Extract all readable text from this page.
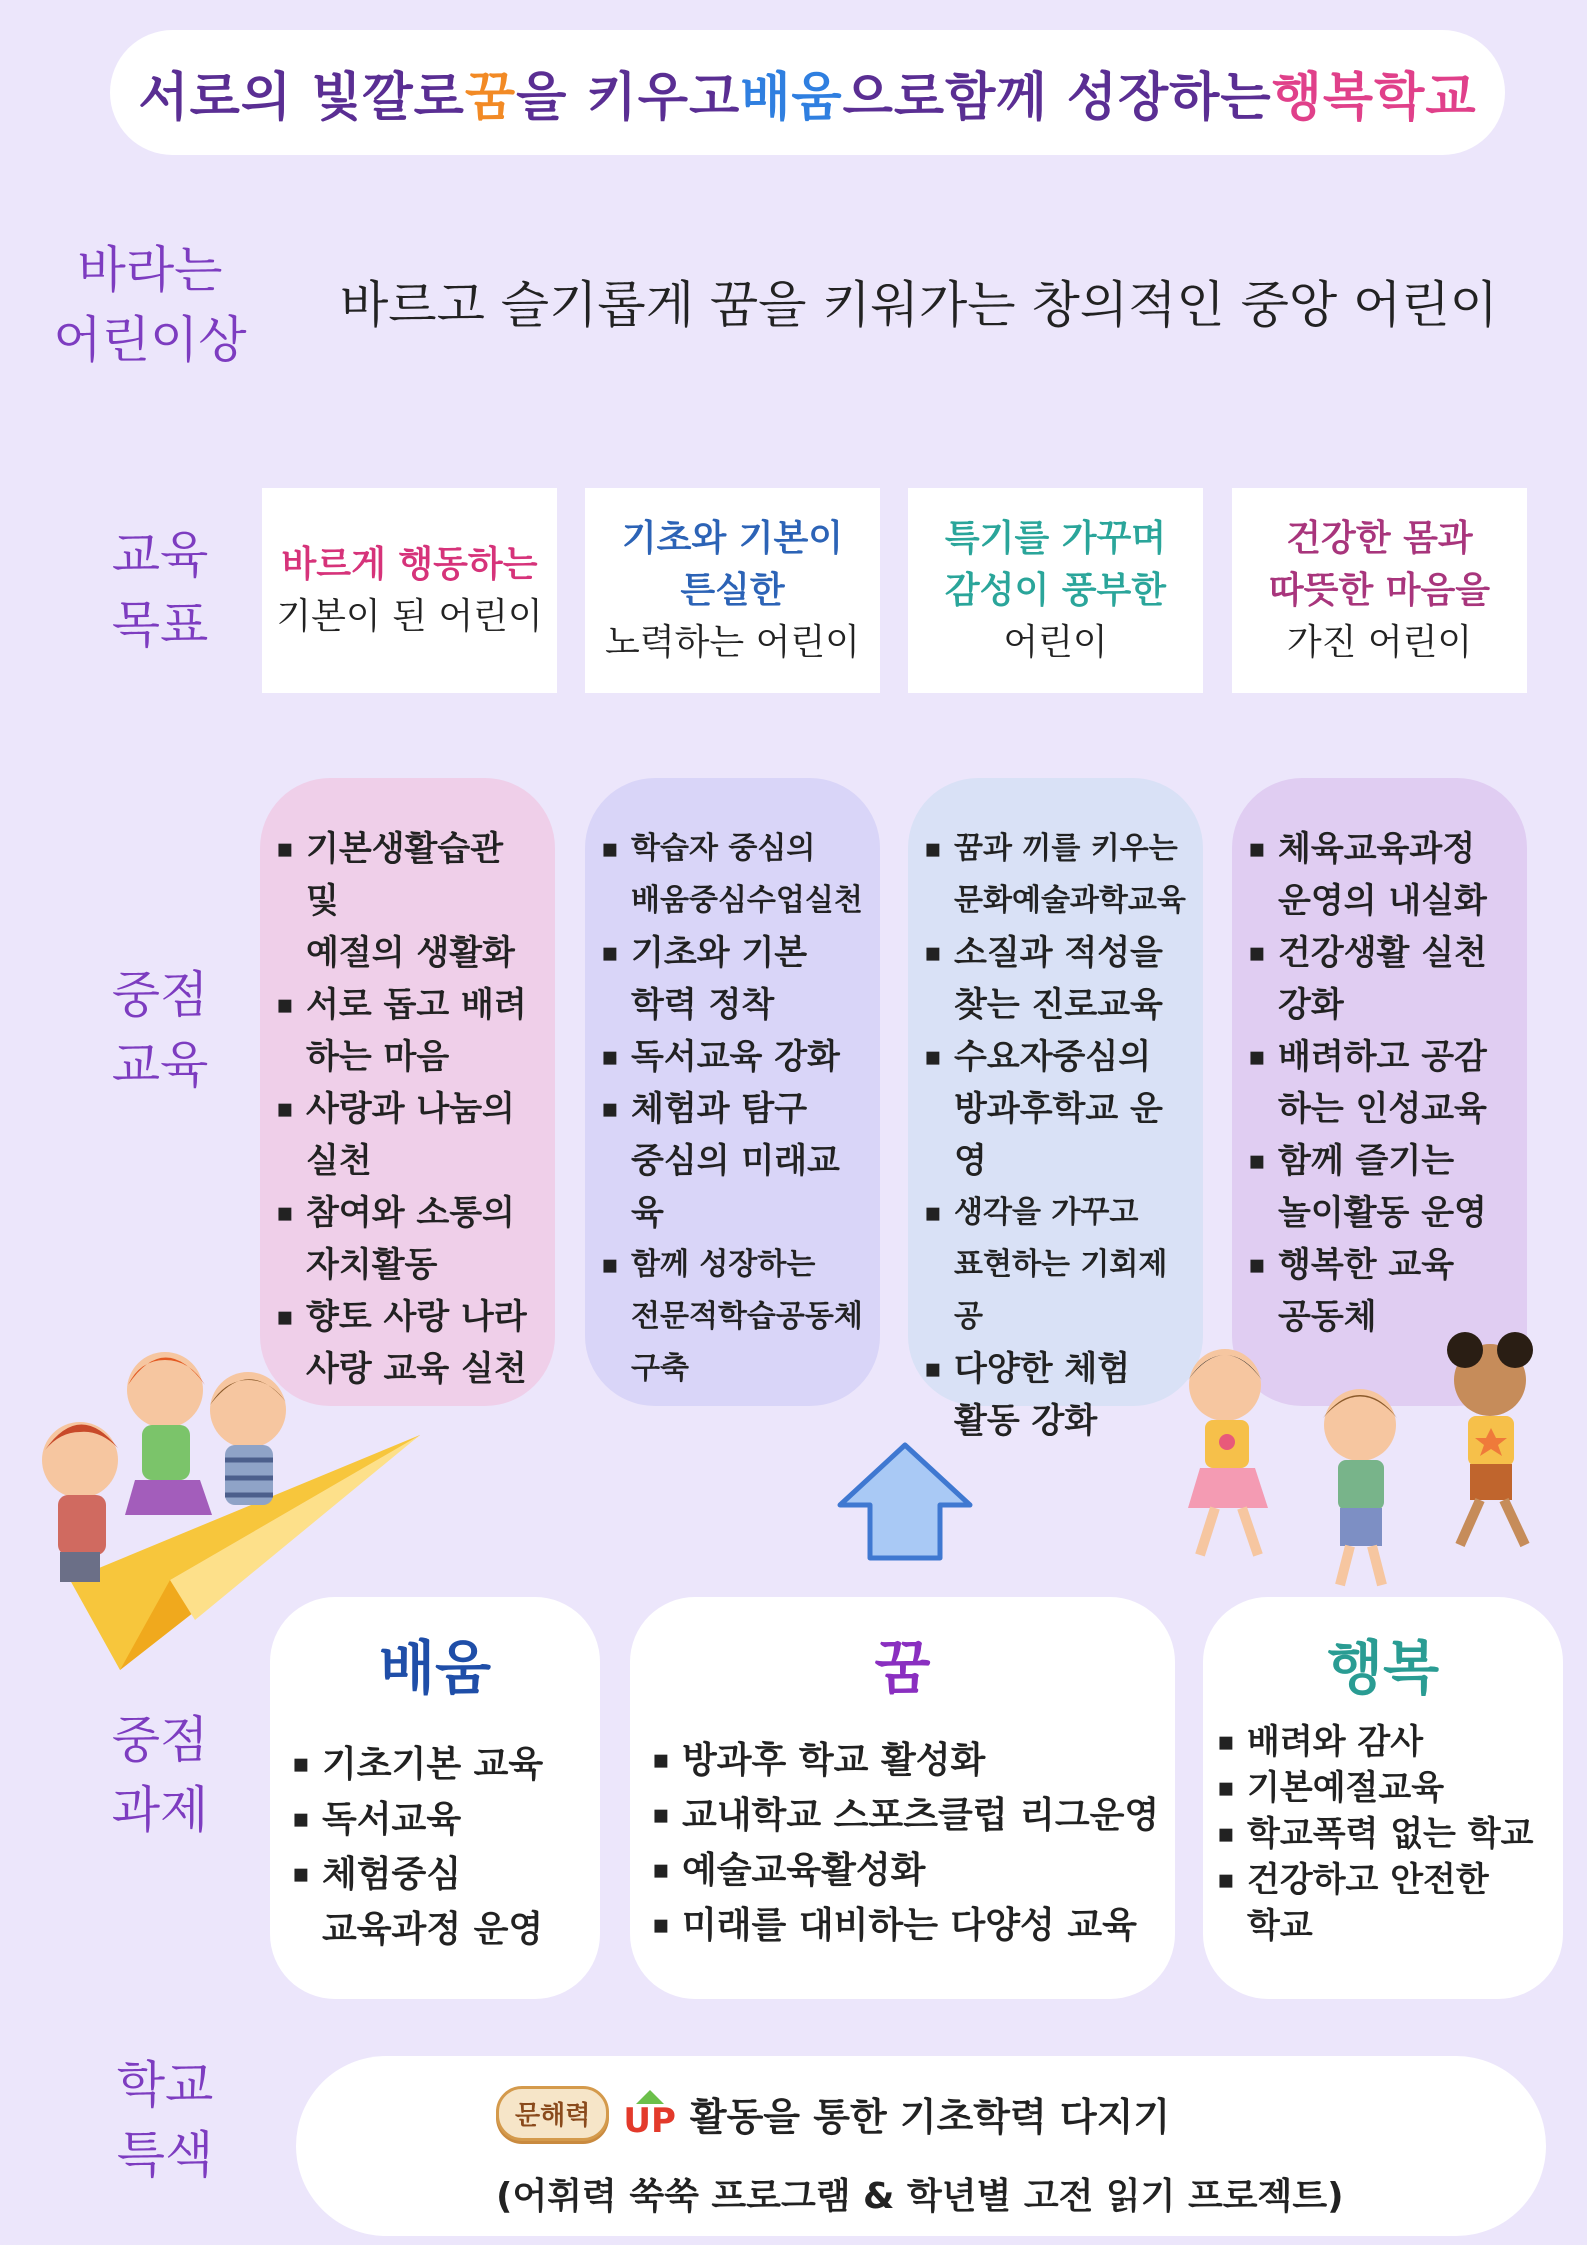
서로의 빛깔로 꿈 을 키우고 배움 으로 함께 성장하는 행복학교
바라는
어린이상
바르고 슬기롭게 꿈을 키워가는 창의적인 중앙 어린이
교육
목표
바르게 행동하는
기본이 된 어린이
기초와 기본이
튼실한
노력하는 어린이
특기를 가꾸며
감성이 풍부한
어린이
건강한 몸과
따뜻한 마음을
가진 어린이
중점
교육
▪ 기본생활습관 및
예절의 생활화
▪ 서로 돕고 배려
하는 마음
▪ 사랑과 나눔의
실천
▪ 참여와 소통의
자치활동
▪ 향토 사랑 나라
사랑 교육 실천
▪ 학습자 중심의
배움중심수업실천
▪ 기초와 기본
학력 정착
▪ 독서교육 강화
▪ 체험과 탐구
중심의 미래교육
▪ 함께 성장하는
전문적학습공동체
구축
▪ 꿈과 끼를 키우는
문화예술과학교육
▪ 소질과 적성을
찾는 진로교육
▪ 수요자중심의
방과후학교 운영
▪ 생각을 가꾸고
표현하는 기회제공
▪ 다양한 체험
활동 강화
▪ 체육교육과정
운영의 내실화
▪ 건강생활 실천
강화
▪ 배려하고 공감
하는 인성교육
▪ 함께 즐기는
놀이활동 운영
▪ 행복한 교육
공동체
중점
과제
배움
▪ 기초기본 교육
▪ 독서교육
▪ 체험중심
교육과정 운영
꿈
▪ 방과후 학교 활성화
▪ 교내학교 스포츠클럽 리그운영
▪ 예술교육활성화
▪ 미래를 대비하는 다양성 교육
행복
▪ 배려와 감사
▪ 기본예절교육
▪ 학교폭력 없는 학교
▪ 건강하고 안전한
학교
학교
특색
문해력 UP 활동을 통한 기초학력 다지기
(어휘력 쑥쑥 프로그램 & 학년별 고전 읽기 프로젝트)
